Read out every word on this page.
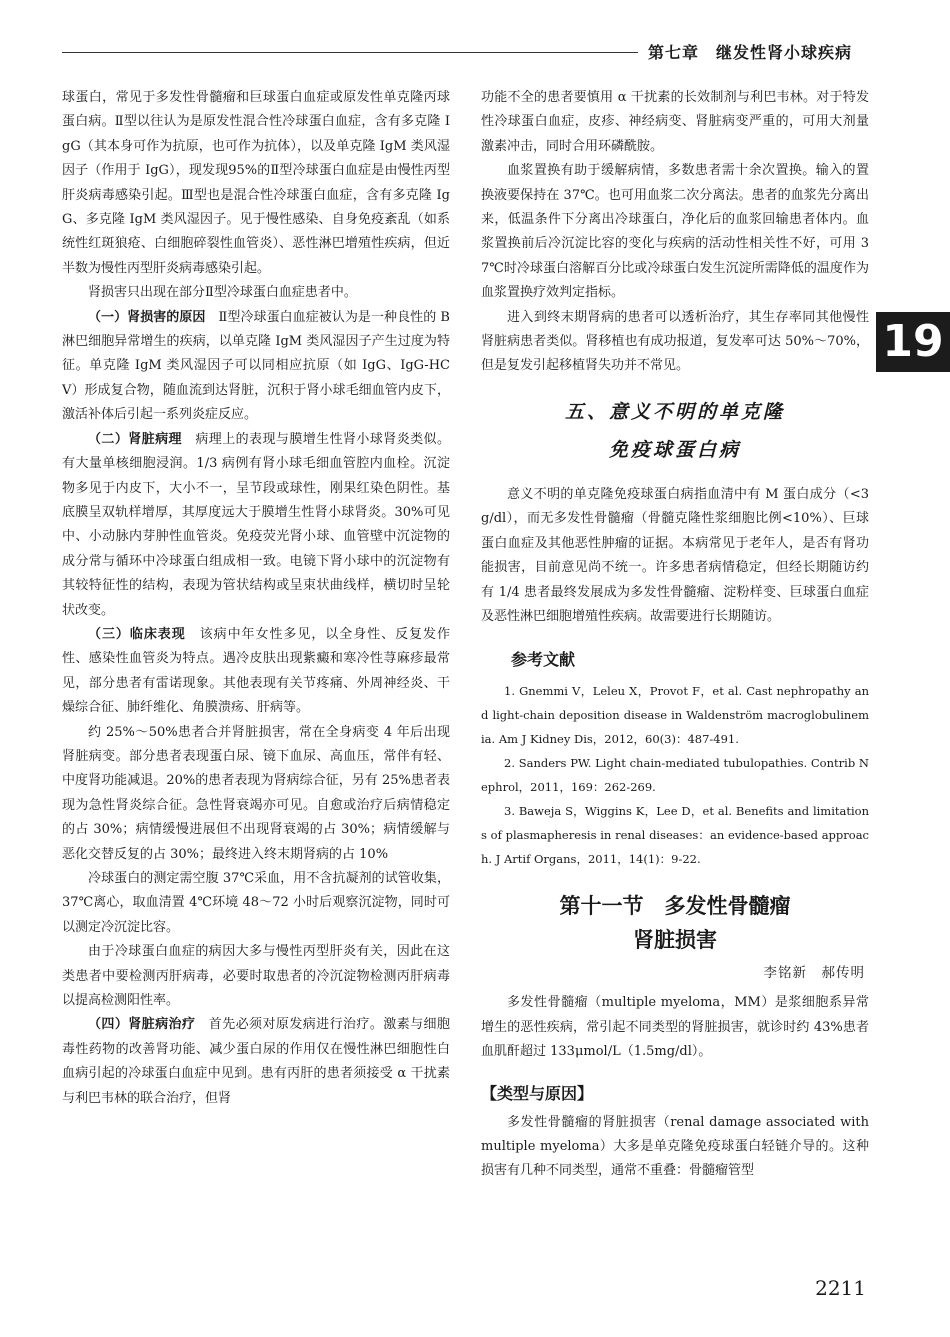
第七章　继发性肾小球疾病
19

球蛋白，常见于多发性骨髓瘤和巨球蛋白血症或原发性单克隆丙球蛋白病。Ⅱ型以往认为是原发性混合性冷球蛋白血症，含有多克隆 IgG（其本身可作为抗原，也可作为抗体），以及单克隆 IgM 类风湿因子（作用于 IgG），现发现95%的Ⅱ型冷球蛋白血症是由慢性丙型肝炎病毒感染引起。Ⅲ型也是混合性冷球蛋白血症，含有多克隆 IgG、多克隆 IgM 类风湿因子。见于慢性感染、自身免疫紊乱（如系统性红斑狼疮、白细胞碎裂性血管炎）、恶性淋巴增殖性疾病，但近半数为慢性丙型肝炎病毒感染引起。

肾损害只出现在部分Ⅱ型冷球蛋白血症患者中。

（一）肾损害的原因　 Ⅱ型冷球蛋白血症被认为是一种良性的 B 淋巴细胞异常增生的疾病，以单克隆 IgM 类风湿因子产生过度为特征。单克隆 IgM 类风湿因子可以同相应抗原（如 IgG、IgG-HCV）形成复合物，随血流到达肾脏，沉积于肾小球毛细血管内皮下，激活补体后引起一系列炎症反应。

（二）肾脏病理　 病理上的表现与膜增生性肾小球肾炎类似。有大量单核细胞浸润。1/3 病例有肾小球毛细血管腔内血栓。沉淀物多见于内皮下，大小不一，呈节段或球性，刚果红染色阴性。基底膜呈双轨样增厚，其厚度远大于膜增生性肾小球肾炎。30%可见中、小动脉内芽肿性血管炎。免疫荧光肾小球、血管壁中沉淀物的成分常与循环中冷球蛋白组成相一致。电镜下肾小球中的沉淀物有其较特征性的结构，表现为管状结构或呈束状曲线样，横切时呈轮状改变。

（三）临床表现　 该病中年女性多见，以全身性、反复发作性、感染性血管炎为特点。遇冷皮肤出现紫癜和寒冷性荨麻疹最常见，部分患者有雷诺现象。其他表现有关节疼痛、外周神经炎、干燥综合征、肺纤维化、角膜溃疡、肝病等。

约 25%～50%患者合并肾脏损害，常在全身病变 4 年后出现肾脏病变。部分患者表现蛋白尿、镜下血尿、高血压，常伴有轻、中度肾功能减退。20%的患者表现为肾病综合征，另有 25%患者表现为急性肾炎综合征。急性肾衰竭亦可见。自愈或治疗后病情稳定的占 30%；病情缓慢进展但不出现肾衰竭的占 30%；病情缓解与恶化交替反复的占 30%；最终进入终末期肾病的占 10%

冷球蛋白的测定需空腹 37℃采血，用不含抗凝剂的试管收集，37℃离心，取血清置 4℃环境 48～72 小时后观察沉淀物，同时可以测定冷沉淀比容。

由于冷球蛋白血症的病因大多与慢性丙型肝炎有关，因此在这类患者中要检测丙肝病毒，必要时取患者的冷沉淀物检测丙肝病毒以提高检测阳性率。

（四）肾脏病治疗　 首先必须对原发病进行治疗。激素与细胞毒性药物的改善肾功能、减少蛋白尿的作用仅在慢性淋巴细胞性白血病引起的冷球蛋白血症中见到。患有丙肝的患者须接受 α 干扰素与利巴韦林的联合治疗，但肾

功能不全的患者要慎用 α 干扰素的长效制剂与利巴韦林。对于特发性冷球蛋白血症，皮疹、神经病变、肾脏病变严重的，可用大剂量激素冲击，同时合用环磷酰胺。

血浆置换有助于缓解病情，多数患者需十余次置换。输入的置换液要保持在 37℃。也可用血浆二次分离法。患者的血浆先分离出来，低温条件下分离出冷球蛋白，净化后的血浆回输患者体内。血浆置换前后冷沉淀比容的变化与疾病的活动性相关性不好，可用 37℃时冷球蛋白溶解百分比或冷球蛋白发生沉淀所需降低的温度作为血浆置换疗效判定指标。

进入到终末期肾病的患者可以透析治疗，其生存率同其他慢性肾脏病患者类似。肾移植也有成功报道，复发率可达 50%～70%，但是复发引起移植肾失功并不常见。

五、意义不明的单克隆
免疫球蛋白病

意义不明的单克隆免疫球蛋白病指血清中有 M 蛋白成分（<3g/dl），而无多发性骨髓瘤（骨髓克隆性浆细胞比例<10%）、巨球蛋白血症及其他恶性肿瘤的证据。本病常见于老年人，是否有肾功能损害，目前意见尚不统一。许多患者病情稳定，但经长期随访约有 1/4 患者最终发展成为多发性骨髓瘤、淀粉样变、巨球蛋白血症及恶性淋巴细胞增殖性疾病。故需要进行长期随访。

参考文献

1. Gnemmi V，Leleu X，Provot F，et al. Cast nephropathy and light-chain deposition disease in Waldenström macroglobulinemia. Am J Kidney Dis，2012，60(3)：487-491.

2. Sanders PW. Light chain-mediated tubulopathies. Contrib Nephrol，2011，169：262-269.

3. Baweja S，Wiggins K，Lee D，et al. Benefits and limitations of plasmapheresis in renal diseases：an evidence-based approach. J Artif Organs，2011，14(1)：9-22.

第十一节　多发性骨髓瘤
肾脏损害
李铭新　郝传明

多发性骨髓瘤（multiple myeloma，MM）是浆细胞系异常增生的恶性疾病，常引起不同类型的肾脏损害，就诊时约 43%患者血肌酐超过 133μmol/L（1.5mg/dl）。

【类型与原因】

多发性骨髓瘤的肾脏损害（renal damage associated with multiple myeloma）大多是单克隆免疫球蛋白轻链介导的。这种损害有几种不同类型，通常不重叠：骨髓瘤管型

2211
